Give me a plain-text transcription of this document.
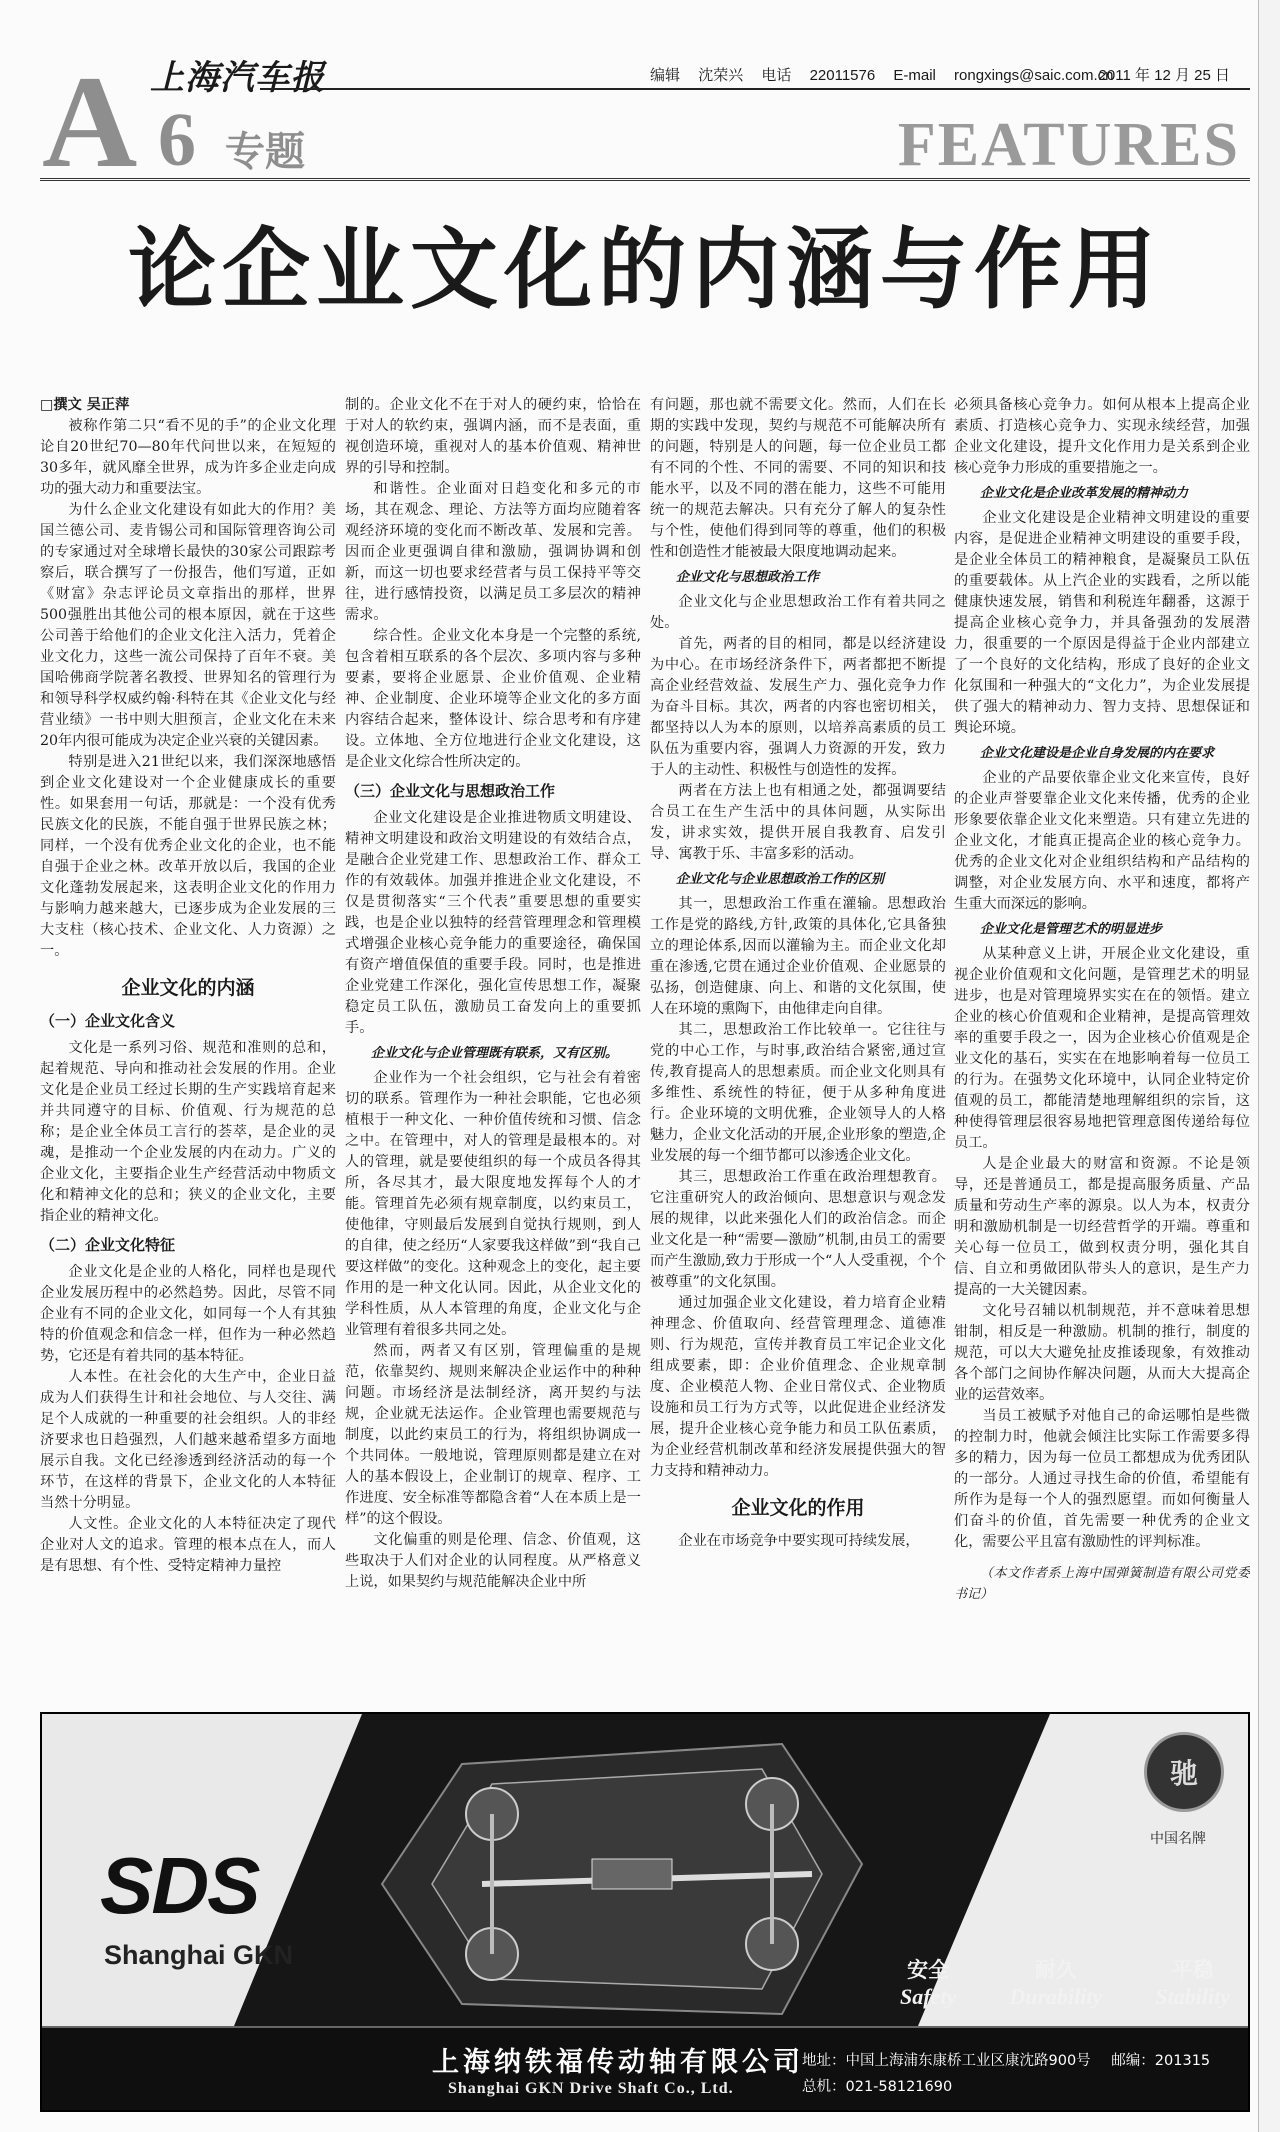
A 6 专题
上海汽车报	编辑 沈荣兴 电话 22011576 E-mail rongxings@saic.com.cn
2011 年 12 月 25 日
FEATURES
论企业文化的内涵与作用

□撰文 吴正萍

被称作第二只“看不见的手”的企业文化理论自20世纪70—80年代问世以来，在短短的30多年，就风靡全世界，成为许多企业走向成功的强大动力和重要法宝。

为什么企业文化建设有如此大的作用？美国兰德公司、麦肯锡公司和国际管理咨询公司的专家通过对全球增长最快的30家公司跟踪考察后，联合撰写了一份报告，他们写道，正如《财富》杂志评论员文章指出的那样，世界500强胜出其他公司的根本原因，就在于这些公司善于给他们的企业文化注入活力，凭着企业文化力，这些一流公司保持了百年不衰。美国哈佛商学院著名教授、世界知名的管理行为和领导科学权威约翰·科特在其《企业文化与经营业绩》一书中则大胆预言，企业文化在未来20年内很可能成为决定企业兴衰的关键因素。

特别是进入21世纪以来，我们深深地感悟到企业文化建设对一个企业健康成长的重要性。如果套用一句话，那就是：一个没有优秀民族文化的民族，不能自强于世界民族之林；同样，一个没有优秀企业文化的企业，也不能自强于企业之林。改革开放以后，我国的企业文化蓬勃发展起来，这表明企业文化的作用力与影响力越来越大，已逐步成为企业发展的三大支柱（核心技术、企业文化、人力资源）之一。

企业文化的内涵
（一）企业文化含义

文化是一系列习俗、规范和准则的总和，起着规范、导向和推动社会发展的作用。企业文化是企业员工经过长期的生产实践培育起来并共同遵守的目标、价值观、行为规范的总称；是企业全体员工言行的荟萃，是企业的灵魂，是推动一个企业发展的内在动力。广义的企业文化，主要指企业生产经营活动中物质文化和精神文化的总和；狭义的企业文化，主要指企业的精神文化。

（二）企业文化特征

企业文化是企业的人格化，同样也是现代企业发展历程中的必然趋势。因此，尽管不同企业有不同的企业文化，如同每一个人有其独特的价值观念和信念一样，但作为一种必然趋势，它还是有着共同的基本特征。

人本性。在社会化的大生产中，企业日益成为人们获得生计和社会地位、与人交往、满足个人成就的一种重要的社会组织。人的非经济要求也日趋强烈，人们越来越希望多方面地展示自我。文化已经渗透到经济活动的每一个环节，在这样的背景下，企业文化的人本特征当然十分明显。

人文性。企业文化的人本特征决定了现代企业对人文的追求。管理的根本点在人，而人是有思想、有个性、受特定精神力量控

制的。企业文化不在于对人的硬约束，恰恰在于对人的软约束，强调内涵，而不是表面，重视创造环境，重视对人的基本价值观、精神世界的引导和控制。

和谐性。企业面对日趋变化和多元的市场，其在观念、理论、方法等方面均应随着客观经济环境的变化而不断改革、发展和完善。因而企业更强调自律和激励，强调协调和创新，而这一切也要求经营者与员工保持平等交往，进行感情投资，以满足员工多层次的精神需求。

综合性。企业文化本身是一个完整的系统,包含着相互联系的各个层次、多项内容与多种要素，要将企业愿景、企业价值观、企业精神、企业制度、企业环境等企业文化的多方面内容结合起来，整体设计、综合思考和有序建设。立体地、全方位地进行企业文化建设，这是企业文化综合性所决定的。

（三）企业文化与思想政治工作

企业文化建设是企业推进物质文明建设、精神文明建设和政治文明建设的有效结合点，是融合企业党建工作、思想政治工作、群众工作的有效载体。加强并推进企业文化建设，不仅是贯彻落实“三个代表”重要思想的重要实践，也是企业以独特的经营管理理念和管理模式增强企业核心竞争能力的重要途径，确保国有资产增值保值的重要手段。同时，也是推进企业党建工作深化，强化宣传思想工作，凝聚稳定员工队伍，激励员工奋发向上的重要抓手。

企业文化与企业管理既有联系，又有区别。

企业作为一个社会组织，它与社会有着密切的联系。管理作为一种社会职能，它也必须植根于一种文化、一种价值传统和习惯、信念之中。在管理中，对人的管理是最根本的。对人的管理，就是要使组织的每一个成员各得其所，各尽其才，最大限度地发挥每个人的才能。管理首先必须有规章制度，以约束员工，使他律，守则最后发展到自觉执行规则，到人的自律，使之经历“人家要我这样做”到“我自己要这样做”的变化。这种观念上的变化，起主要作用的是一种文化认同。因此，从企业文化的学科性质，从人本管理的角度，企业文化与企业管理有着很多共同之处。

然而，两者又有区别，管理偏重的是规范，依靠契约、规则来解决企业运作中的种种问题。市场经济是法制经济，离开契约与法规，企业就无法运作。企业管理也需要规范与制度，以此约束员工的行为，将组织协调成一个共同体。一般地说，管理原则都是建立在对人的基本假设上，企业制订的规章、程序、工作进度、安全标准等都隐含着“人在本质上是一样”的这个假设。

文化偏重的则是伦理、信念、价值观，这些取决于人们对企业的认同程度。从严格意义上说，如果契约与规范能解决企业中所

有问题，那也就不需要文化。然而，人们在长期的实践中发现，契约与规范不可能解决所有的问题，特别是人的问题，每一位企业员工都有不同的个性、不同的需要、不同的知识和技能水平，以及不同的潜在能力，这些不可能用统一的规范去解决。只有充分了解人的复杂性与个性，使他们得到同等的尊重，他们的积极性和创造性才能被最大限度地调动起来。

企业文化与思想政治工作

企业文化与企业思想政治工作有着共同之处。

首先，两者的目的相同，都是以经济建设为中心。在市场经济条件下，两者都把不断提高企业经营效益、发展生产力、强化竞争力作为奋斗目标。其次，两者的内容也密切相关，都坚持以人为本的原则，以培养高素质的员工队伍为重要内容，强调人力资源的开发，致力于人的主动性、积极性与创造性的发挥。

两者在方法上也有相通之处，都强调要结合员工在生产生活中的具体问题，从实际出发，讲求实效，提供开展自我教育、启发引导、寓教于乐、丰富多彩的活动。

企业文化与企业思想政治工作的区别

其一，思想政治工作重在灌输。思想政治工作是党的路线,方针,政策的具体化,它具备独立的理论体系,因而以灌输为主。而企业文化却重在渗透,它贯在通过企业价值观、企业愿景的弘扬，创造健康、向上、和谐的文化氛围，使人在环境的熏陶下，由他律走向自律。

其二，思想政治工作比较单一。它往往与党的中心工作，与时事,政治结合紧密,通过宣传,教育提高人的思想素质。而企业文化则具有多维性、系统性的特征，便于从多种角度进行。企业环境的文明优雅，企业领导人的人格魅力，企业文化活动的开展,企业形象的塑造,企业发展的每一个细节都可以渗透企业文化。

其三，思想政治工作重在政治理想教育。它注重研究人的政治倾向、思想意识与观念发展的规律，以此来强化人们的政治信念。而企业文化是一种“需要—激励”机制,由员工的需要而产生激励,致力于形成一个“人人受重视，个个被尊重”的文化氛围。

通过加强企业文化建设，着力培育企业精神理念、价值取向、经营管理理念、道德准则、行为规范，宣传并教育员工牢记企业文化组成要素，即：企业价值理念、企业规章制度、企业模范人物、企业日常仪式、企业物质设施和员工行为方式等，以此促进企业经济发展，提升企业核心竞争能力和员工队伍素质，为企业经营机制改革和经济发展提供强大的智力支持和精神动力。

企业文化的作用

企业在市场竞争中要实现可持续发展，

必须具备核心竞争力。如何从根本上提高企业素质、打造核心竞争力、实现永续经营，加强企业文化建设，提升文化作用力是关系到企业核心竞争力形成的重要措施之一。

企业文化是企业改革发展的精神动力

企业文化建设是企业精神文明建设的重要内容，是促进企业精神文明建设的重要手段，是企业全体员工的精神粮食，是凝聚员工队伍的重要载体。从上汽企业的实践看，之所以能健康快速发展，销售和利税连年翻番，这源于提高企业核心竞争力，并具备强劲的发展潜力，很重要的一个原因是得益于企业内部建立了一个良好的文化结构，形成了良好的企业文化氛围和一种强大的“文化力”，为企业发展提供了强大的精神动力、智力支持、思想保证和舆论环境。

企业文化建设是企业自身发展的内在要求

企业的产品要依靠企业文化来宣传，良好的企业声誉要靠企业文化来传播，优秀的企业形象要依靠企业文化来塑造。只有建立先进的企业文化，才能真正提高企业的核心竞争力。优秀的企业文化对企业组织结构和产品结构的调整，对企业发展方向、水平和速度，都将产生重大而深远的影响。

企业文化是管理艺术的明显进步

从某种意义上讲，开展企业文化建设，重视企业价值观和文化问题，是管理艺术的明显进步，也是对管理境界实实在在的领悟。建立企业的核心价值观和企业精神，是提高管理效率的重要手段之一，因为企业核心价值观是企业文化的基石，实实在在地影响着每一位员工的行为。在强势文化环境中，认同企业特定价值观的员工，都能清楚地理解组织的宗旨，这种使得管理层很容易地把管理意图传递给每位员工。

人是企业最大的财富和资源。不论是领导，还是普通员工，都是提高服务质量、产品质量和劳动生产率的源泉。以人为本，权责分明和激励机制是一切经营哲学的开端。尊重和关心每一位员工，做到权责分明，强化其自信、自立和勇做团队带头人的意识，是生产力提高的一大关键因素。

文化号召辅以机制规范，并不意味着思想钳制，相反是一种激励。机制的推行，制度的规范，可以大大避免扯皮推诿现象，有效推动各个部门之间协作解决问题，从而大大提高企业的运营效率。

当员工被赋予对他自己的命运哪怕是些微的控制力时，他就会倾注比实际工作需要多得多的精力，因为每一位员工都想成为优秀团队的一部分。人通过寻找生命的价值，希望能有所作为是每一个人的强烈愿望。而如何衡量人们奋斗的价值，首先需要一种优秀的企业文化，需要公平且富有激励性的评判标准。

（本文作者系上海中国弹簧制造有限公司党委书记）

SDS
Shanghai GKN
驰
中国名牌
安全
Safety
耐久
Durability
平稳
Stability
上海纳铁福传动轴有限公司
Shanghai GKN Drive Shaft Co., Ltd.
地址：中国上海浦东康桥工业区康沈路900号 邮编：201315
总机：021-58121690
